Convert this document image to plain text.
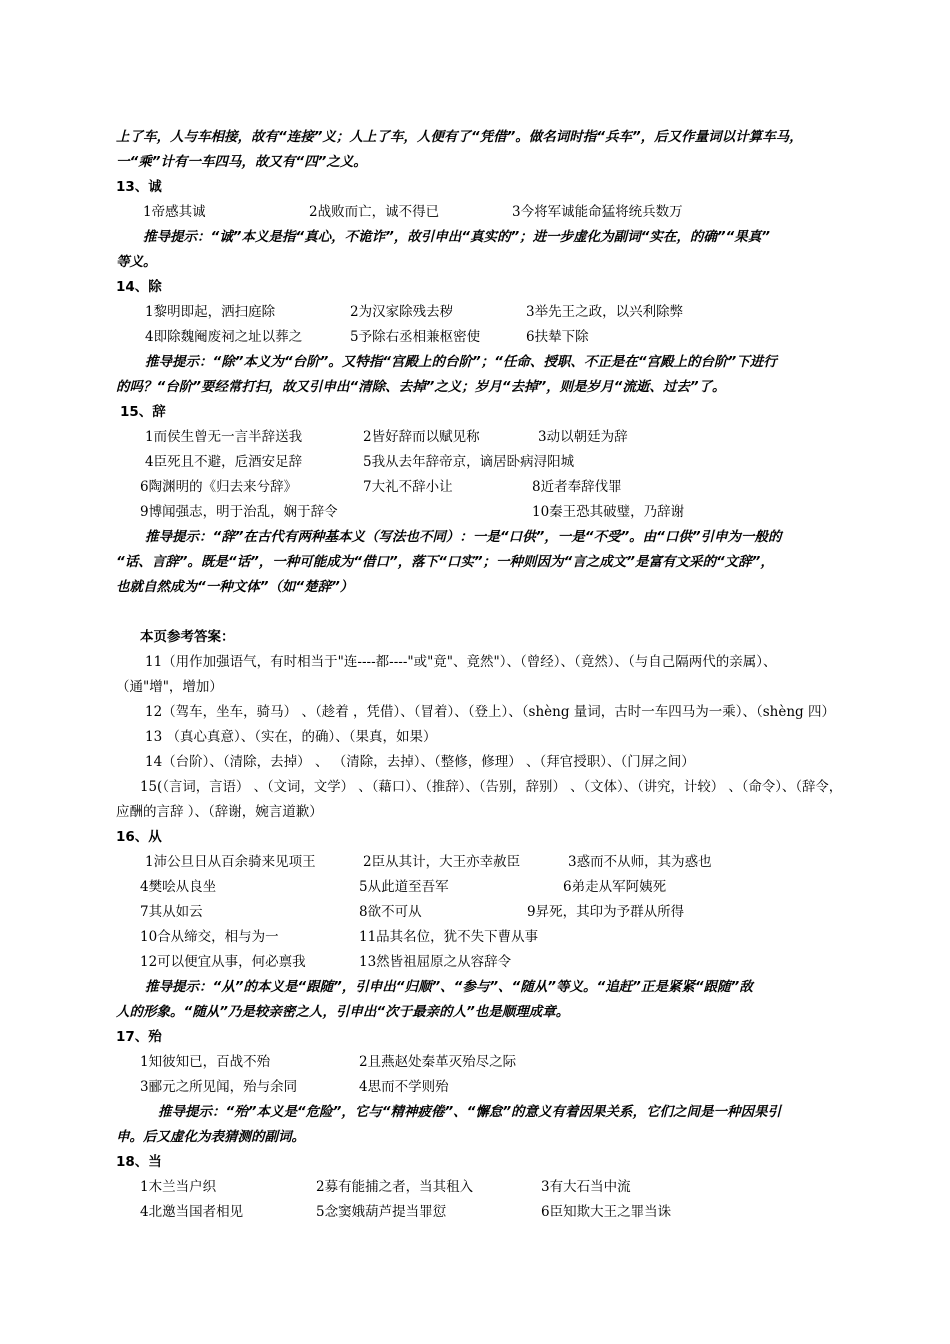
上了车，人与车相接，故有“连接”义；人上了车，人便有了“凭借”。做名词时指“兵车”，后又作量词以计算车马，
一“乘”计有一车四马，故又有“四”之义。
13、诚
1帝感其诚	2战败而亡，诚不得已	3今将军诚能命猛将统兵数万
推导提示：“诚”本义是指“真心，不诡诈”，故引申出“真实的”；进一步虚化为副词“实在，的确”“果真”
等义。
14、除
1黎明即起，洒扫庭除	2为汉家除残去秽	3举先王之政，以兴利除弊
4即除魏阉废祠之址以葬之	5予除右丞相兼枢密使	6扶辇下除
推导提示：“除”本义为“台阶”。又特指“宫殿上的台阶”；“任命、授职、不正是在“宫殿上的台阶”下进行
的吗？“台阶”要经常打扫，故又引申出“清除、去掉”之义；岁月“去掉”，则是岁月“流逝、过去”了。
15、辞
1而侯生曾无一言半辞送我	2皆好辞而以赋见称	3动以朝廷为辞
4臣死且不避，卮酒安足辞	5我从去年辞帝京，谪居卧病浔阳城
6陶渊明的《归去来兮辞》	7大礼不辞小让	8近者奉辞伐罪
9博闻强志，明于治乱，娴于辞令	10秦王恐其破璧，乃辞谢
推导提示：“辞”在古代有两种基本义（写法也不同）：一是“口供”，一是“不受”。由“口供”引申为一般的
“话、言辞”。既是“话”，一种可能成为“借口”，落下“口实”；一种则因为“言之成文”是富有文采的“文辞”，
也就自然成为“一种文体”（如“楚辞”）
本页参考答案：
11（用作加强语气，有时相当于"连----都----"或"竟"、竟然"）、（曾经）、（竟然）、（与自己隔两代的亲属）、
（通"增"，增加）
12（驾车，坐车，骑马） 、（趁着 ，凭借）、（冒着）、（登上）、（shèng 量词，古时一车四马为一乘）、（shèng 四）
13 （真心真意）、（实在，的确）、（果真，如果）
14（台阶）、（清除，去掉） 、 （清除，去掉）、（整修，修理） 、（拜官授职）、（门屏之间）
15(（言词，言语） 、（文词，文学） 、（藉口）、（推辞）、（告别，辞别） 、（文体）、（讲究，计较） 、（命令）、（辞令，
应酬的言辞 ）、（辞谢，婉言道歉）
16、从
1沛公旦日从百余骑来见项王	2臣从其计，大王亦幸赦臣	3惑而不从师，其为惑也
4樊哙从良坐	5从此道至吾军	6弟走从军阿姨死
7其从如云	8欲不可从	9昇死，其印为予群从所得
10合从缔交，相与为一	11品其名位，犹不失下曹从事
12可以便宜从事，何必禀我	13然皆祖屈原之从容辞令
推导提示：“从”的本义是“跟随”，引申出“归顺”、“参与”、“随从”等义。“追赶”正是紧紧“跟随”敌
人的形象。“随从”乃是较亲密之人，引申出“次于最亲的人”也是顺理成章。
17、殆
1知彼知已，百战不殆	2且燕赵处秦革灭殆尽之际
3郦元之所见闻，殆与余同	4思而不学则殆
推导提示：“殆”本义是“危险”，它与“精神疲倦”、“懈怠”的意义有着因果关系，它们之间是一种因果引
申。后又虚化为表猜测的副词。
18、当
1木兰当户织	2募有能捕之者，当其租入	3有大石当中流
4北邀当国者相见	5念窦娥葫芦提当罪愆	6臣知欺大王之罪当诛
